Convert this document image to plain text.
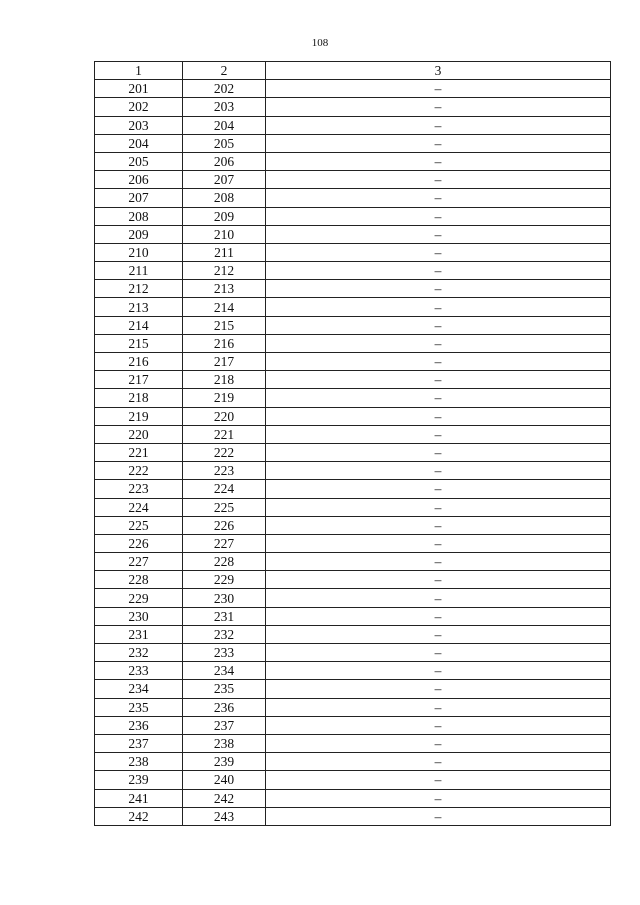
108
1	2	3
201	202	–
202	203	–
203	204	–
204	205	–
205	206	–
206	207	–
207	208	–
208	209	–
209	210	–
210	211	–
211	212	–
212	213	–
213	214	–
214	215	–
215	216	–
216	217	–
217	218	–
218	219	–
219	220	–
220	221	–
221	222	–
222	223	–
223	224	–
224	225	–
225	226	–
226	227	–
227	228	–
228	229	–
229	230	–
230	231	–
231	232	–
232	233	–
233	234	–
234	235	–
235	236	–
236	237	–
237	238	–
238	239	–
239	240	–
241	242	–
242	243	–
